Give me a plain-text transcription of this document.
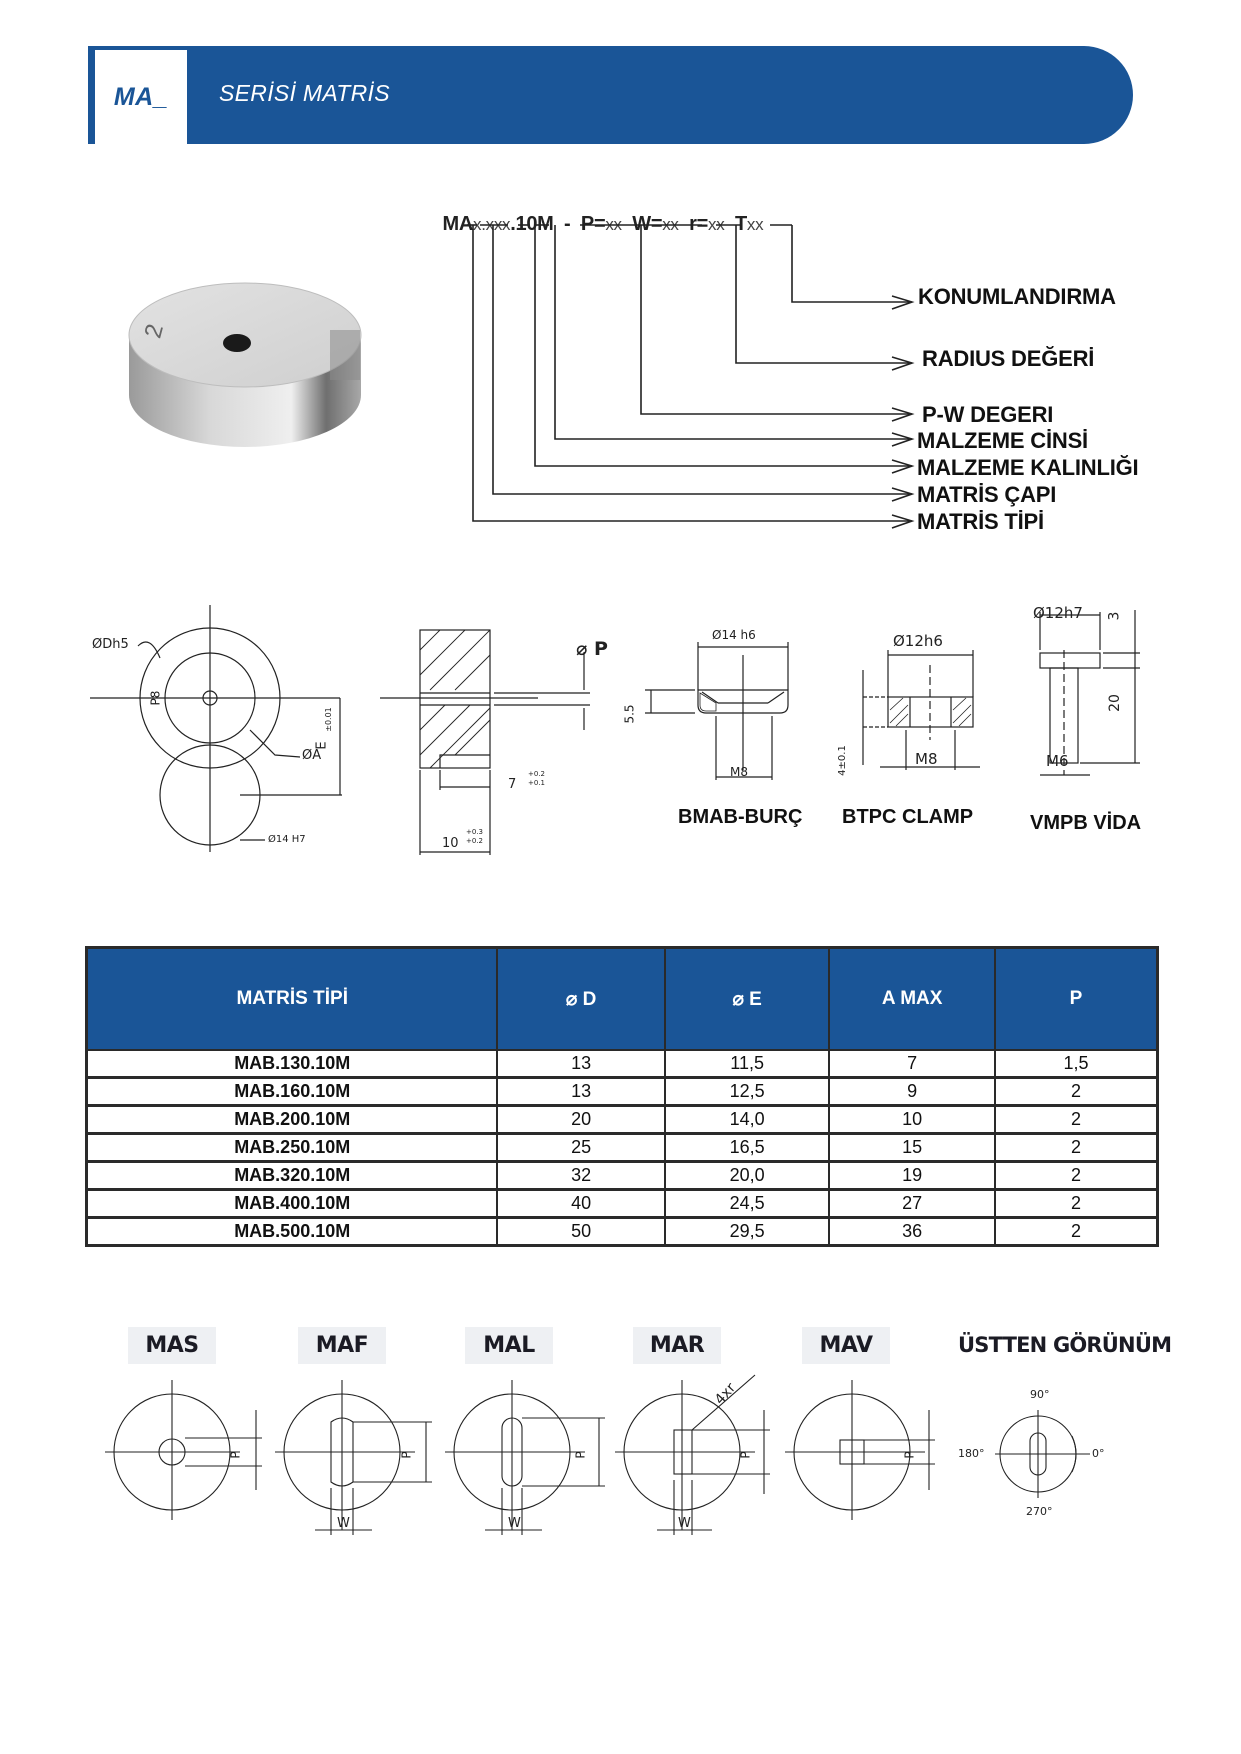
MA_ SERİSİ MATRİS
2

MAx.xxx.10M  -  P=xx  W=xx  r=xx  Txx

KONUMLANDIRMA
RADIUS DEĞERİ
P-W DEGERI
MALZEME CİNSİ
MALZEME KALINLIĞI
MATRİS ÇAPI
MATRİS TİPİ
ØDh5
ØA
Ø14 H7
P8
E
±0.01
⌀ P
7
+0.2
+0.1
10
+0.3
+0.2
Ø14 h6
5.5
M8
BMAB-BURÇ
Ø12h6
4±0.1	M8
BTPC CLAMP
Ø12h7 3
20
M6
VMPB VİDA
MATRİS TİPİ	⌀ D	⌀ E	A MAX	P
MAB.130.10M	13	11,5	7	1,5
MAB.160.10M	13	12,5	9	2
MAB.200.10M	20	14,0	10	2
MAB.250.10M	25	16,5	15	2
MAB.320.10M	32	20,0	19	2
MAB.400.10M	40	24,5	27	2
MAB.500.10M	50	29,5	36	2
MAS	MAF	MAL	MAR	MAV
P	P
W
P
W
P
W
4xr
P
ÜSTTEN GÖRÜNÜM
90°
180°	0°
270°
